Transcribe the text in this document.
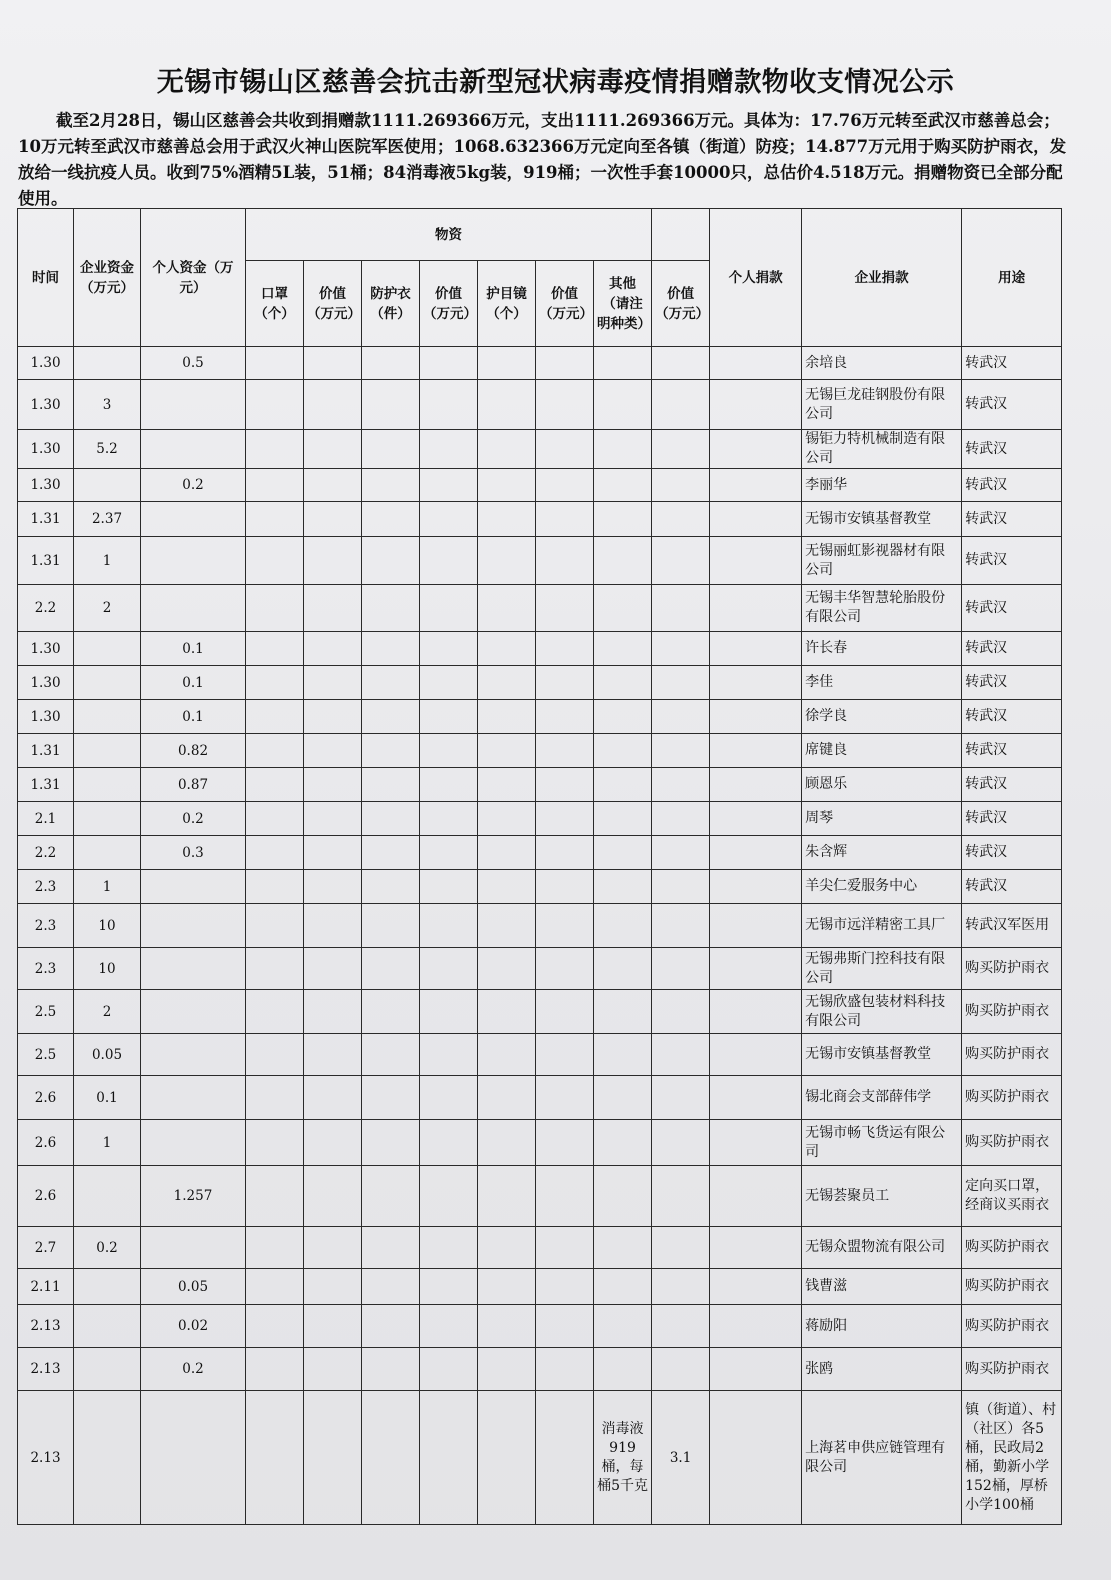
无锡市锡山区慈善会抗击新型冠状病毒疫情捐赠款物收支情况公示
截至2月28日，锡山区慈善会共收到捐赠款1111.269366万元，支出1111.269366万元。具体为：17.76万元转至武汉市慈善总会；10万元转至武汉市慈善总会用于武汉火神山医院军医使用；1068.632366万元定向至各镇（街道）防疫；14.877万元用于购买防护雨衣，发放给一线抗疫人员。收到75%酒精5L装，51桶；84消毒液5kg装，919桶；一次性手套10000只，总估价4.518万元。捐赠物资已全部分配使用。
时间	企业资金（万元）	个人资金（万元）	物资								个人捐款	企业捐款	用途
			口罩（个）	价值（万元）	防护衣（件）	价值（万元）	护目镜（个）	价值（万元）	其他（请注明种类）	价值（万元）			
1.30		0.5										余培良	转武汉
1.30	3											无锡巨龙硅钢股份有限公司	转武汉
1.30	5.2											锡钜力特机械制造有限公司	转武汉
1.30		0.2										李丽华	转武汉
1.31	2.37											无锡市安镇基督教堂	转武汉
1.31	1											无锡丽虹影视器材有限公司	转武汉
2.2	2											无锡丰华智慧轮胎股份有限公司	转武汉
1.30		0.1										许长春	转武汉
1.30		0.1										李佳	转武汉
1.30		0.1										徐学良	转武汉
1.31		0.82										席键良	转武汉
1.31		0.87										顾恩乐	转武汉
2.1		0.2										周琴	转武汉
2.2		0.3										朱含辉	转武汉
2.3	1											羊尖仁爱服务中心	转武汉
2.3	10											无锡市远洋精密工具厂	转武汉军医用
2.3	10											无锡弗斯门控科技有限公司	购买防护雨衣
2.5	2											无锡欣盛包装材料科技有限公司	购买防护雨衣
2.5	0.05											无锡市安镇基督教堂	购买防护雨衣
2.6	0.1											锡北商会支部薛伟学	购买防护雨衣
2.6	1											无锡市畅飞货运有限公司	购买防护雨衣
2.6		1.257										无锡荟聚员工	定向买口罩，经商议买雨衣
2.7	0.2											无锡众盟物流有限公司	购买防护雨衣
2.11		0.05										钱曹滋	购买防护雨衣
2.13		0.02										蒋励阳	购买防护雨衣
2.13		0.2										张鸥	购买防护雨衣
2.13									消毒液919桶，每桶5千克	3.1		上海茗申供应链管理有限公司	镇（街道）、村（社区）各5桶，民政局2桶，勤新小学152桶，厚桥小学100桶
